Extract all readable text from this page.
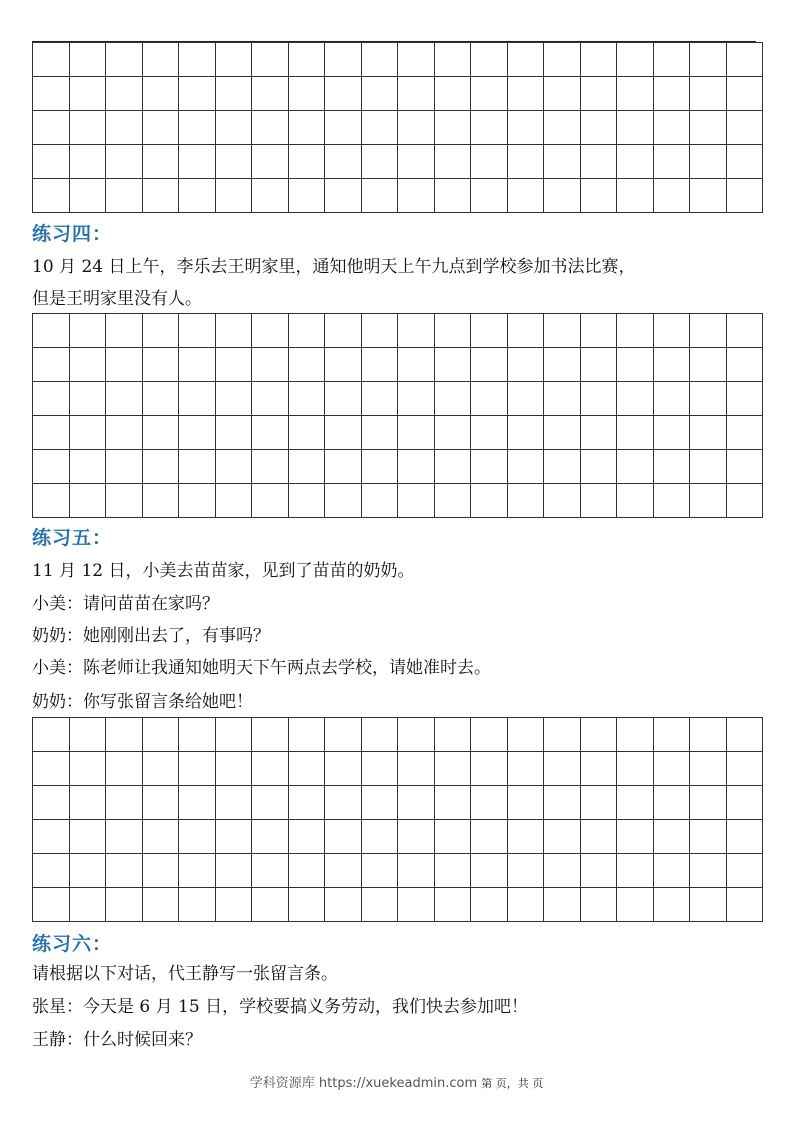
练习四：
10 月 24 日上午，李乐去王明家里，通知他明天上午九点到学校参加书法比赛，
但是王明家里没有人。
练习五：
11 月 12 日，小美去苗苗家，见到了苗苗的奶奶。
小美：请问苗苗在家吗？
奶奶：她刚刚出去了，有事吗？
小美：陈老师让我通知她明天下午两点去学校，请她准时去。
奶奶：你写张留言条给她吧！
练习六：
请根据以下对话，代王静写一张留言条。
张星：今天是 6 月 15 日，学校要搞义务劳动，我们快去参加吧！
王静：什么时候回来？
学科资源库 https://xuekeadmin.com 第 页，共 页
